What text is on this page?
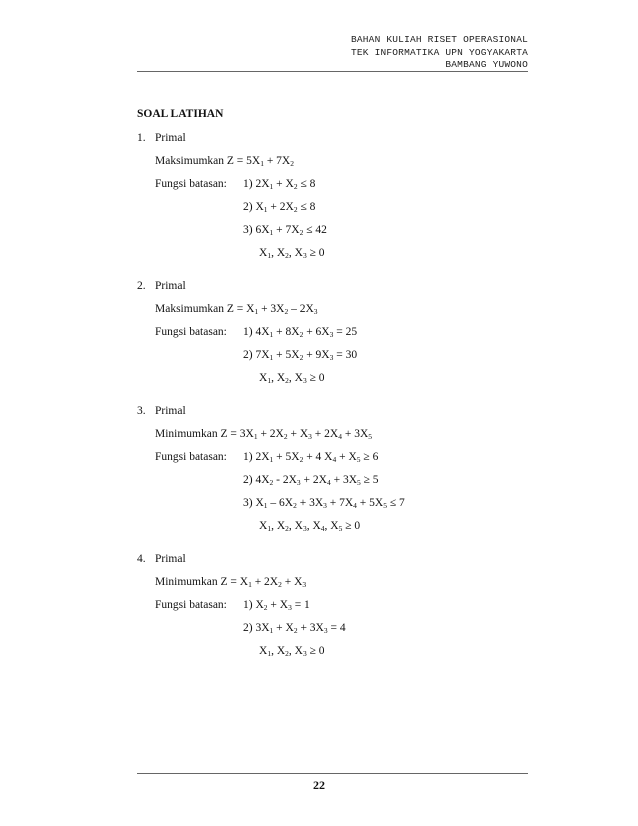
BAHAN KULIAH RISET OPERASIONAL
TEK INFORMATIKA UPN YOGYAKARTA
BAMBANG YUWONO
SOAL LATIHAN
1. Primal
Maksimumkan $Z = 5X_1 + 7X_2$
Fungsi batasan: 1) $2X_1 + X_2 \le 8$
2) $X_1 + 2X_2 \le 8$
3) $6X_1 + 7X_2 \le 42$
$X_1$, $X_2$, $X_3 \ge 0$
2. Primal
Maksimumkan $Z = X_1 + 3X_2 - 2X_3$
Fungsi batasan: 1) $4X_1 + 8X_2 + 6X_3 = 25$
2) $7X_1 + 5X_2 + 9X_3 = 30$
$X_1$, $X_2$, $X_3 \ge 0$
3. Primal
Minimumkan $Z = 3X_1 + 2X_2 + X_3 + 2X_4 + 3X_5$
Fungsi batasan: 1) $2X_1 + 5X_2 + 4$ $X_4 + X_5 \ge 6$
2) $4X_2 - 2X_3 + 2X_4 + 3X_5 \ge 5$
3) $X_1 - 6X_2 + 3X_3 + 7X_4 + 5X_5 \le 7$
$X_1$, $X_2$, $X_3$, $X_4$, $X_5 \ge 0$
4. Primal
Minimumkan $Z = X_1 + 2X_2 + X_3$
Fungsi batasan: 1) $X_2 + X_3 = 1$
2) $3X_1 + X_2 + 3X_3 = 4$
$X_1$, $X_2$, $X_3 \ge 0$
22
